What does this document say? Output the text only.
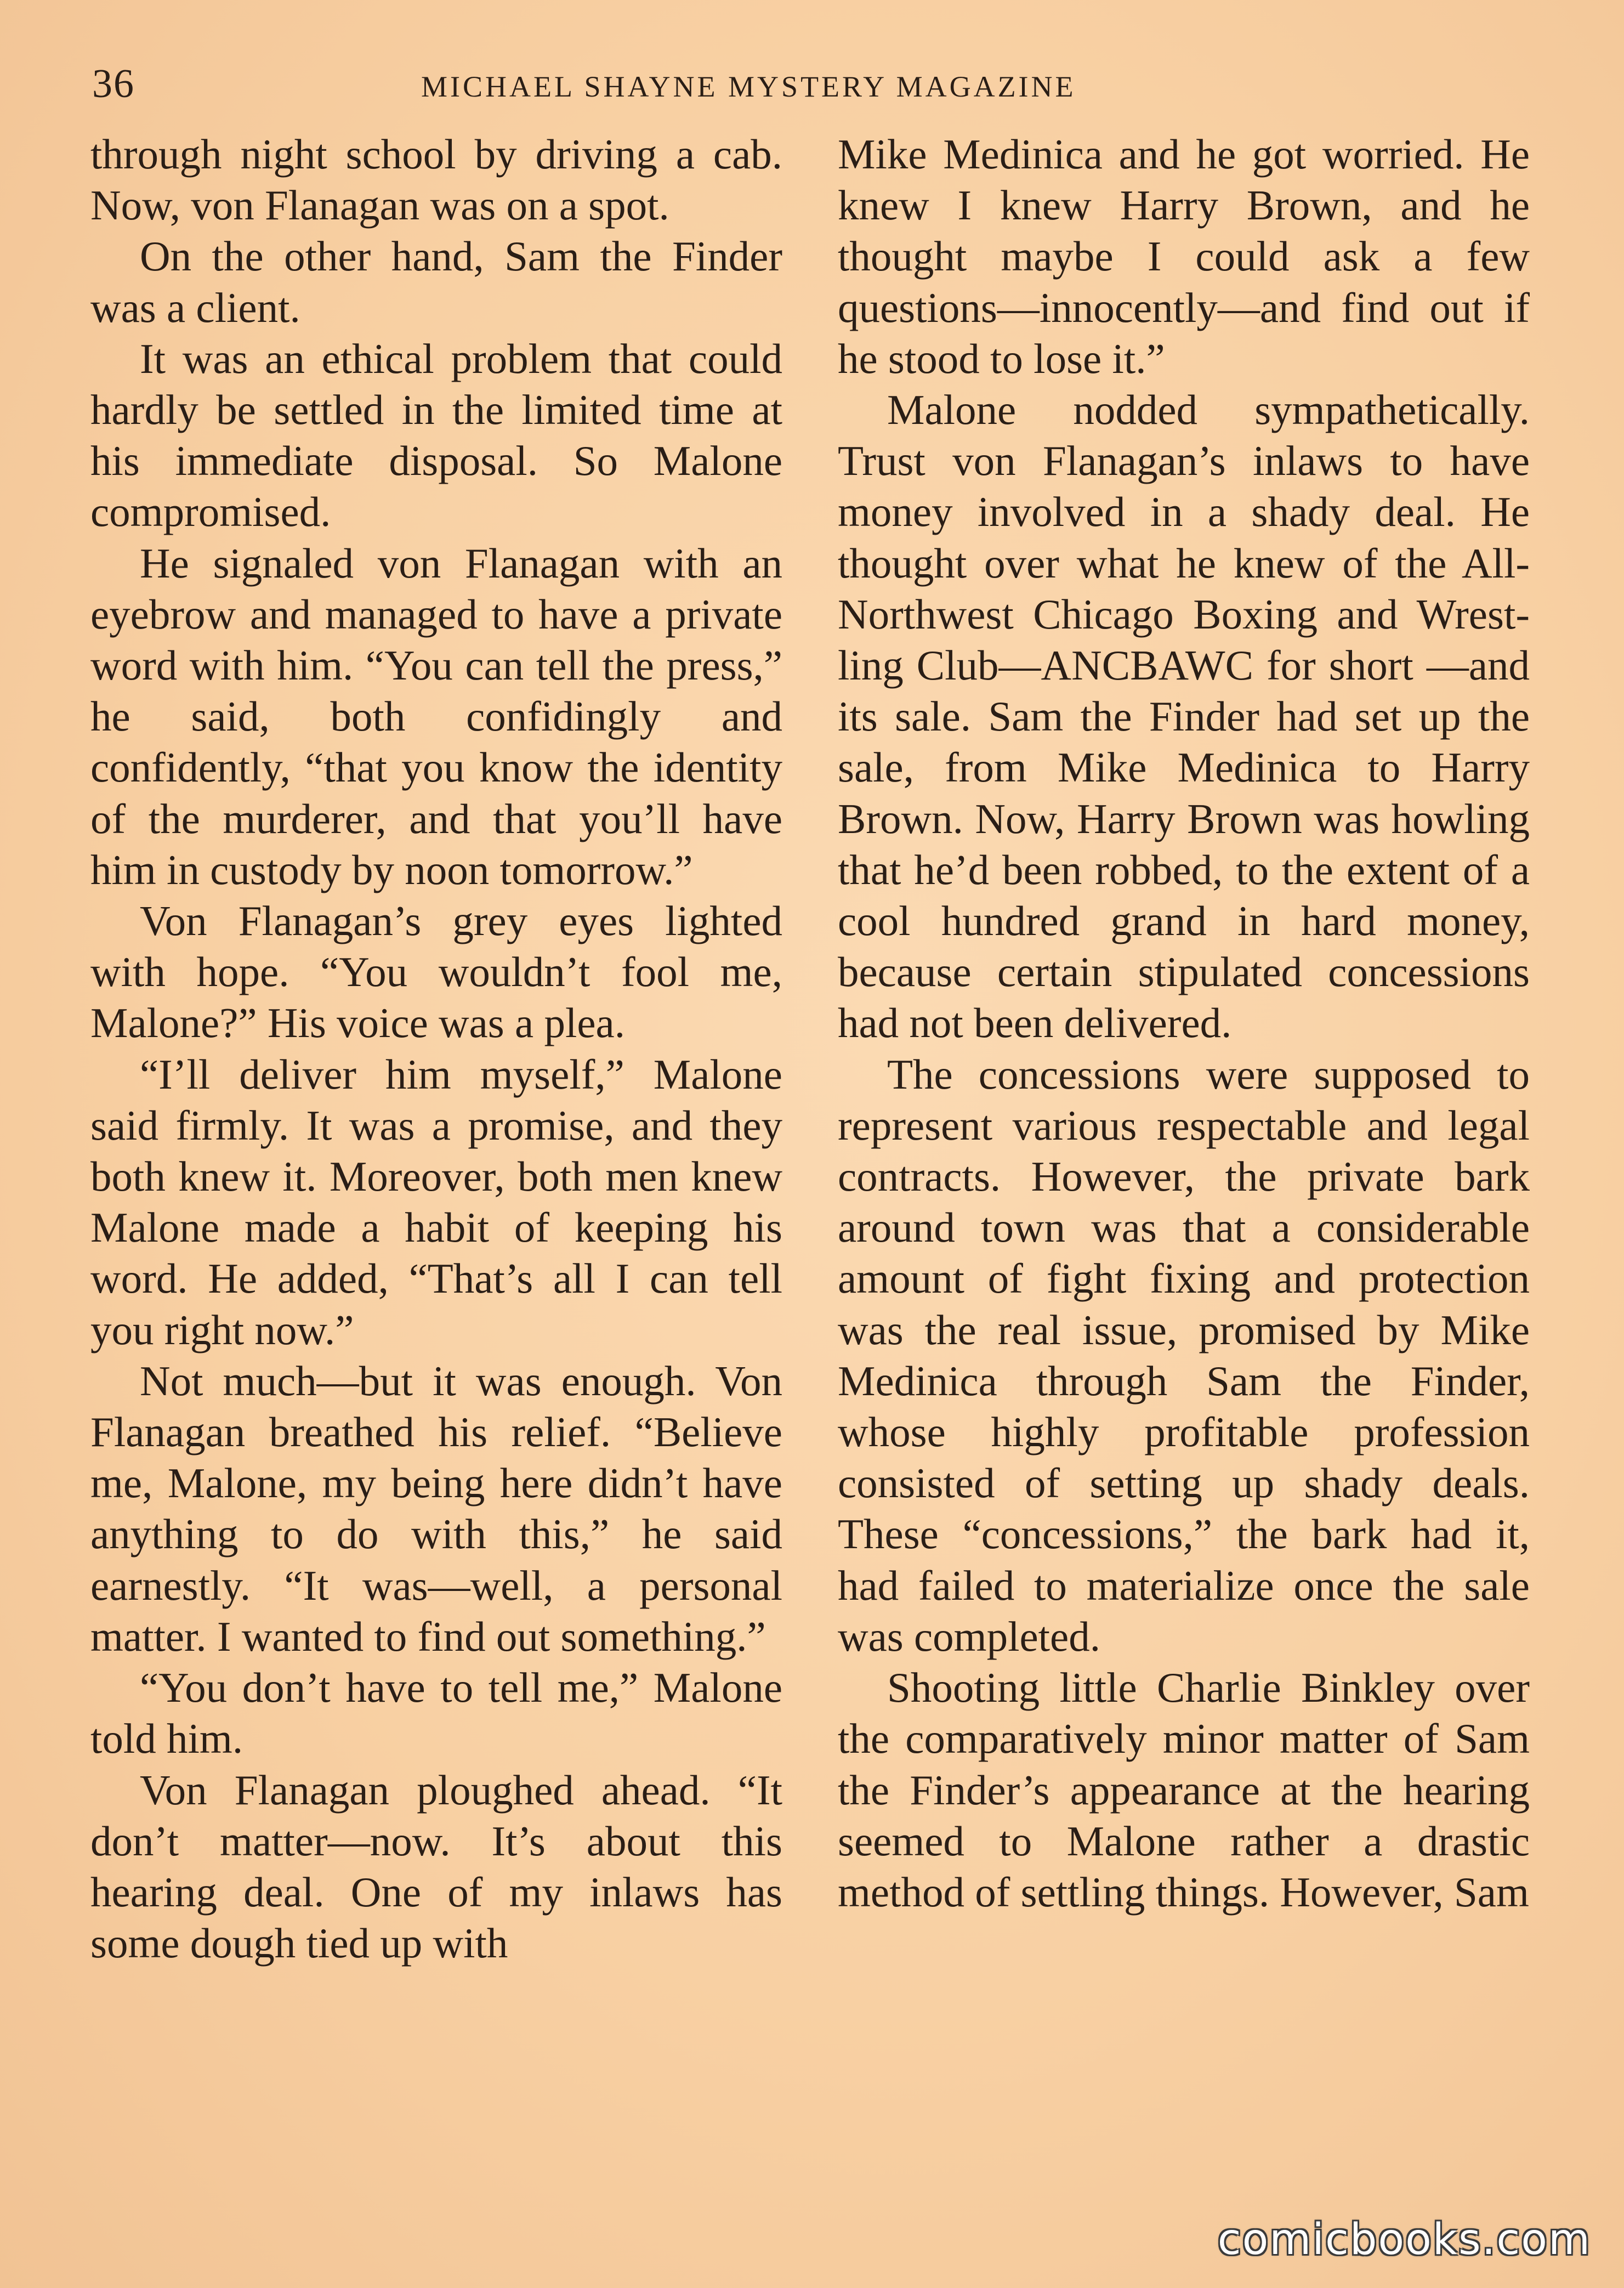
36	MICHAEL SHAYNE MYSTERY MAGAZINE

through night school by driving a cab. Now, von Flanagan was on a spot.

On the other hand, Sam the Finder was a client.

It was an ethical problem that could hardly be settled in the limited time at his immediate disposal. So Malone compromised.

He signaled von Flanagan with an eyebrow and managed to have a private word with him. “You can tell the press,” he said, both confidingly and confidently, “that you know the identity of the murderer, and that you’ll have him in custody by noon tomorrow.”

Von Flanagan’s grey eyes lighted with hope. “You wouldn’t fool me, Malone?” His voice was a plea.

“I’ll deliver him myself,” Malone said firmly. It was a promise, and they both knew it. Moreover, both men knew Malone made a habit of keeping his word. He added, “That’s all I can tell you right now.”

Not much—but it was enough. Von Flanagan breathed his relief. “Believe me, Malone, my being here didn’t have anything to do with this,” he said earnestly. “It was—well, a personal matter. I wanted to find out something.”

“You don’t have to tell me,” Malone told him.

Von Flanagan ploughed ahead. “It don’t matter—now. It’s about this hearing deal. One of my inlaws has some dough tied up with

Mike Medinica and he got worried. He knew I knew Harry Brown, and he thought maybe I could ask a few questions—innocently—and find out if he stood to lose it.”

Malone nodded sympathetically. Trust von Flanagan’s inlaws to have money involved in a shady deal. He thought over what he knew of the All-Northwest Chicago Boxing and Wrestling Club—ANCBAWC for short —and its sale. Sam the Finder had set up the sale, from Mike Medinica to Harry Brown. Now, Harry Brown was howling that he’d been robbed, to the extent of a cool hundred grand in hard money, because certain stipulated concessions had not been delivered.

The concessions were supposed to represent various respectable and legal contracts. However, the private bark around town was that a considerable amount of fight fixing and protection was the real issue, promised by Mike Medinica through Sam the Finder, whose highly profitable profession consisted of setting up shady deals. These “concessions,” the bark had it, had failed to materialize once the sale was completed.

Shooting little Charlie Binkley over the comparatively minor matter of Sam the Finder’s appearance at the hearing seemed to Malone rather a drastic method of settling things. However, Sam

comicbooks.com
